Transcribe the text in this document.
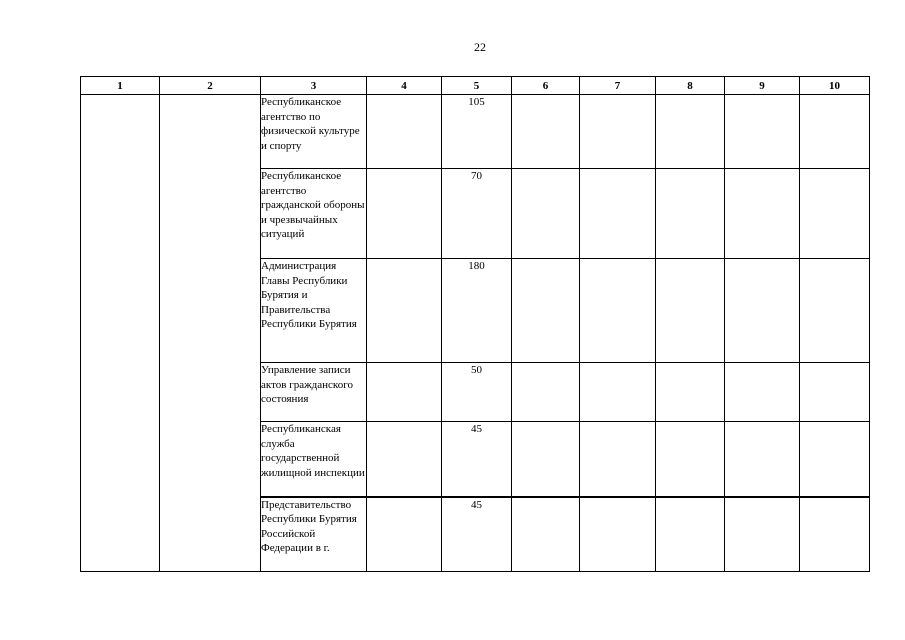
22
1	2	3	4	5	6	7	8	9	10
		Республиканское агентство по физической культуре и спорту		105					
		Республиканское агентство гражданской обороны и чрезвычайных ситуаций		70					
		Администрация Главы Республики Бурятия и Правительства Республики Бурятия		180					
		Управление записи актов гражданского состояния		50					
		Республиканская служба государственной жилищной инспекции		45					
		Представительство Республики Бурятия Российской Федерации в г.		45					
